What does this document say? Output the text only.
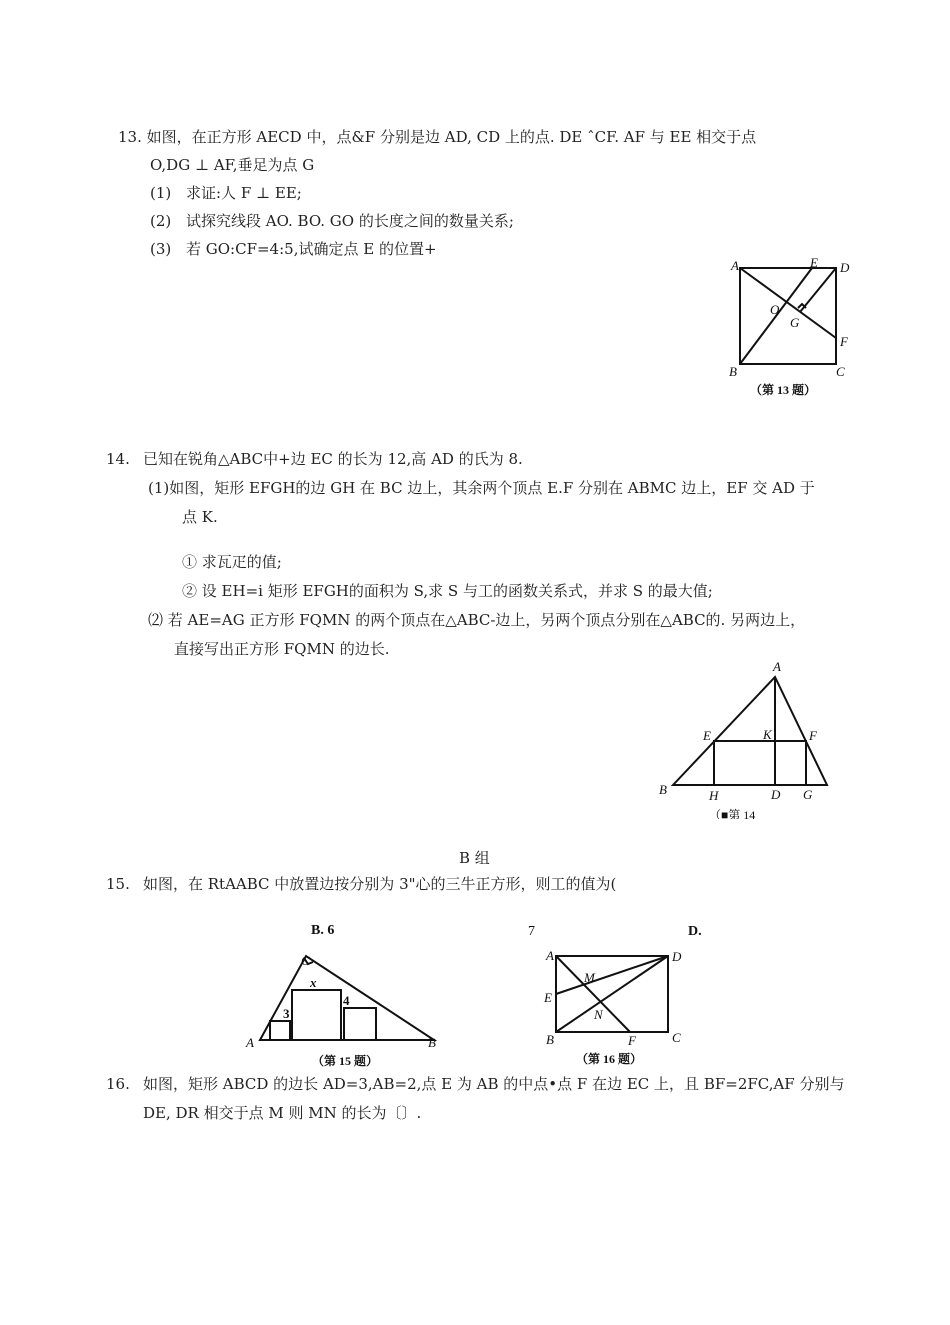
13. 如图，在正方形 AECD 中，点&F 分别是边 AD, CD 上的点. DE ˆCF. AF 与 EE 相交于点
O,DG ⊥ AF,垂足为点 G
(1) 求证:人 F ⊥ EE;
(2) 试探究线段 AO. BO. GO 的长度之间的数量关系;
(3) 若 GO:CF=4:5,试确定点 E 的位置+
A	E D
O
G
F
B	C
（第 13 题）
14. 已知在锐角△ABC中+边 EC 的长为 12,高 AD 的氏为 8.
(1)如图，矩形 EFGH的边 GH 在 BC 边上，其余两个顶点 E.F 分别在 ABMC 边上，EF 交 AD 于
点 K.
① 求瓦疋的值;
② 设 EH=i 矩形 EFGH的面积为 S,求 S 与工的函数关系式，并求 S 的最大值;
⑵ 若 AE=AG 正方形 FQMN 的两个顶点在△ABC-边上，另两个顶点分别在△ABC的. 另两边上，
直接写出正方形 FQMN 的边长.
A
E	K	F
B	H	D G
（■第 14
B 组
15. 如图，在 RtAABC 中放置边按分别为 3"心的三牛正方形，则工的值为(
B. 6
C
x
3
4
A	B
（第 15 题）
7	D.
A	D
M
E
N
B	F	C
（第 16 题）
16. 如图，矩形 ABCD 的边长 AD=3,AB=2,点 E 为 AB 的中点•点 F 在边 EC 上，且 BF=2FC,AF 分别与
DE, DR 相交于点 M 则 MN 的长为〔〕.
